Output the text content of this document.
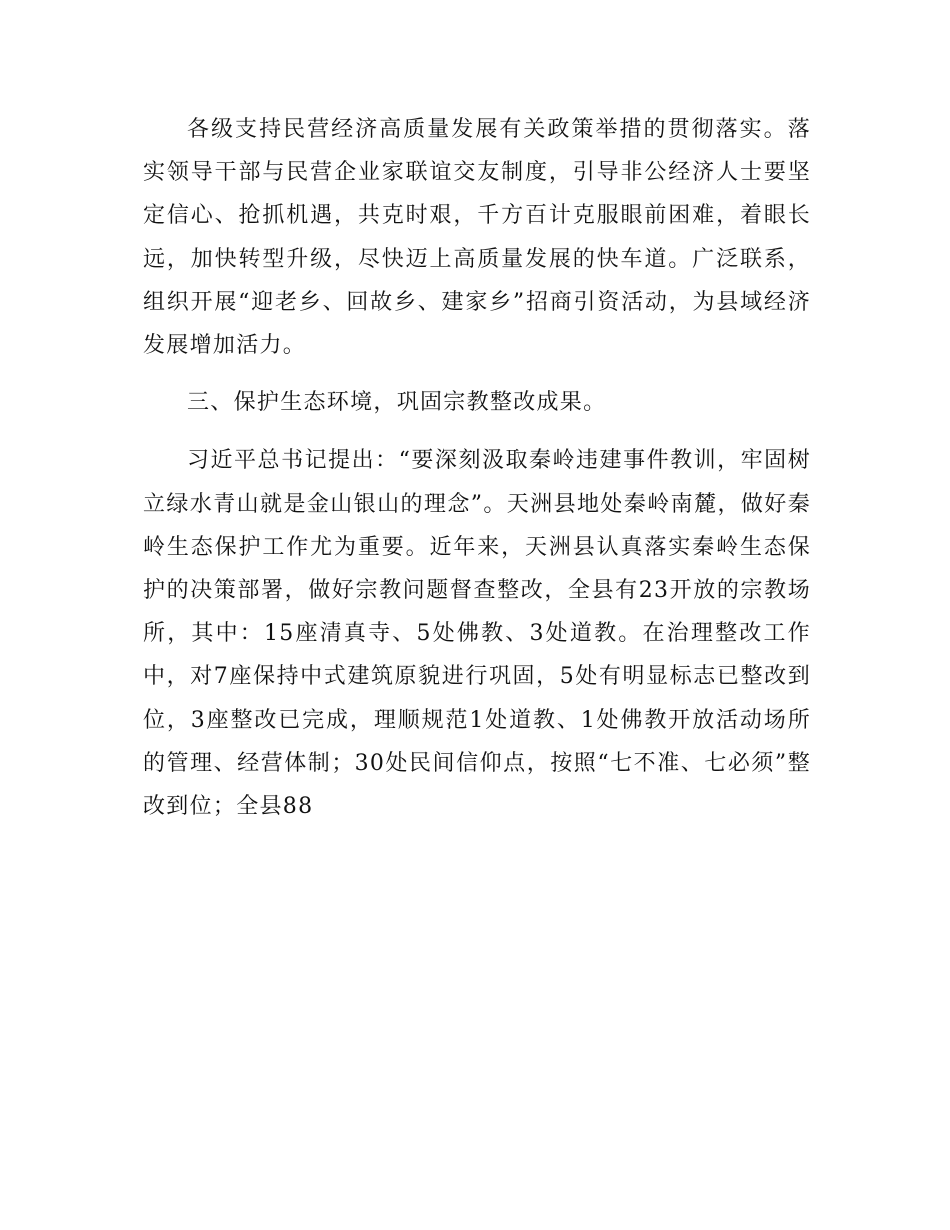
各级支持民营经济高质量发展有关政策举措的贯彻落实。落实领导干部与民营企业家联谊交友制度，引导非公经济人士要坚定信心、抢抓机遇，共克时艰，千方百计克服眼前困难，着眼长远，加快转型升级，尽快迈上高质量发展的快车道。广泛联系，组织开展“迎老乡、回故乡、建家乡”招商引资活动，为县域经济发展增加活力。

三、保护生态环境，巩固宗教整改成果。

习近平总书记提出：“要深刻汲取秦岭违建事件教训，牢固树立绿水青山就是金山银山的理念”。天洲县地处秦岭南麓，做好秦岭生态保护工作尤为重要。近年来，天洲县认真落实秦岭生态保护的决策部署，做好宗教问题督查整改，全县有23开放的宗教场所，其中：15座清真寺、5处佛教、3处道教。在治理整改工作中，对7座保持中式建筑原貌进行巩固，5处有明显标志已整改到位，3座整改已完成，理顺规范1处道教、1处佛教开放活动场所的管理、经营体制；30处民间信仰点，按照“七不准、七必须”整改到位；全县88
